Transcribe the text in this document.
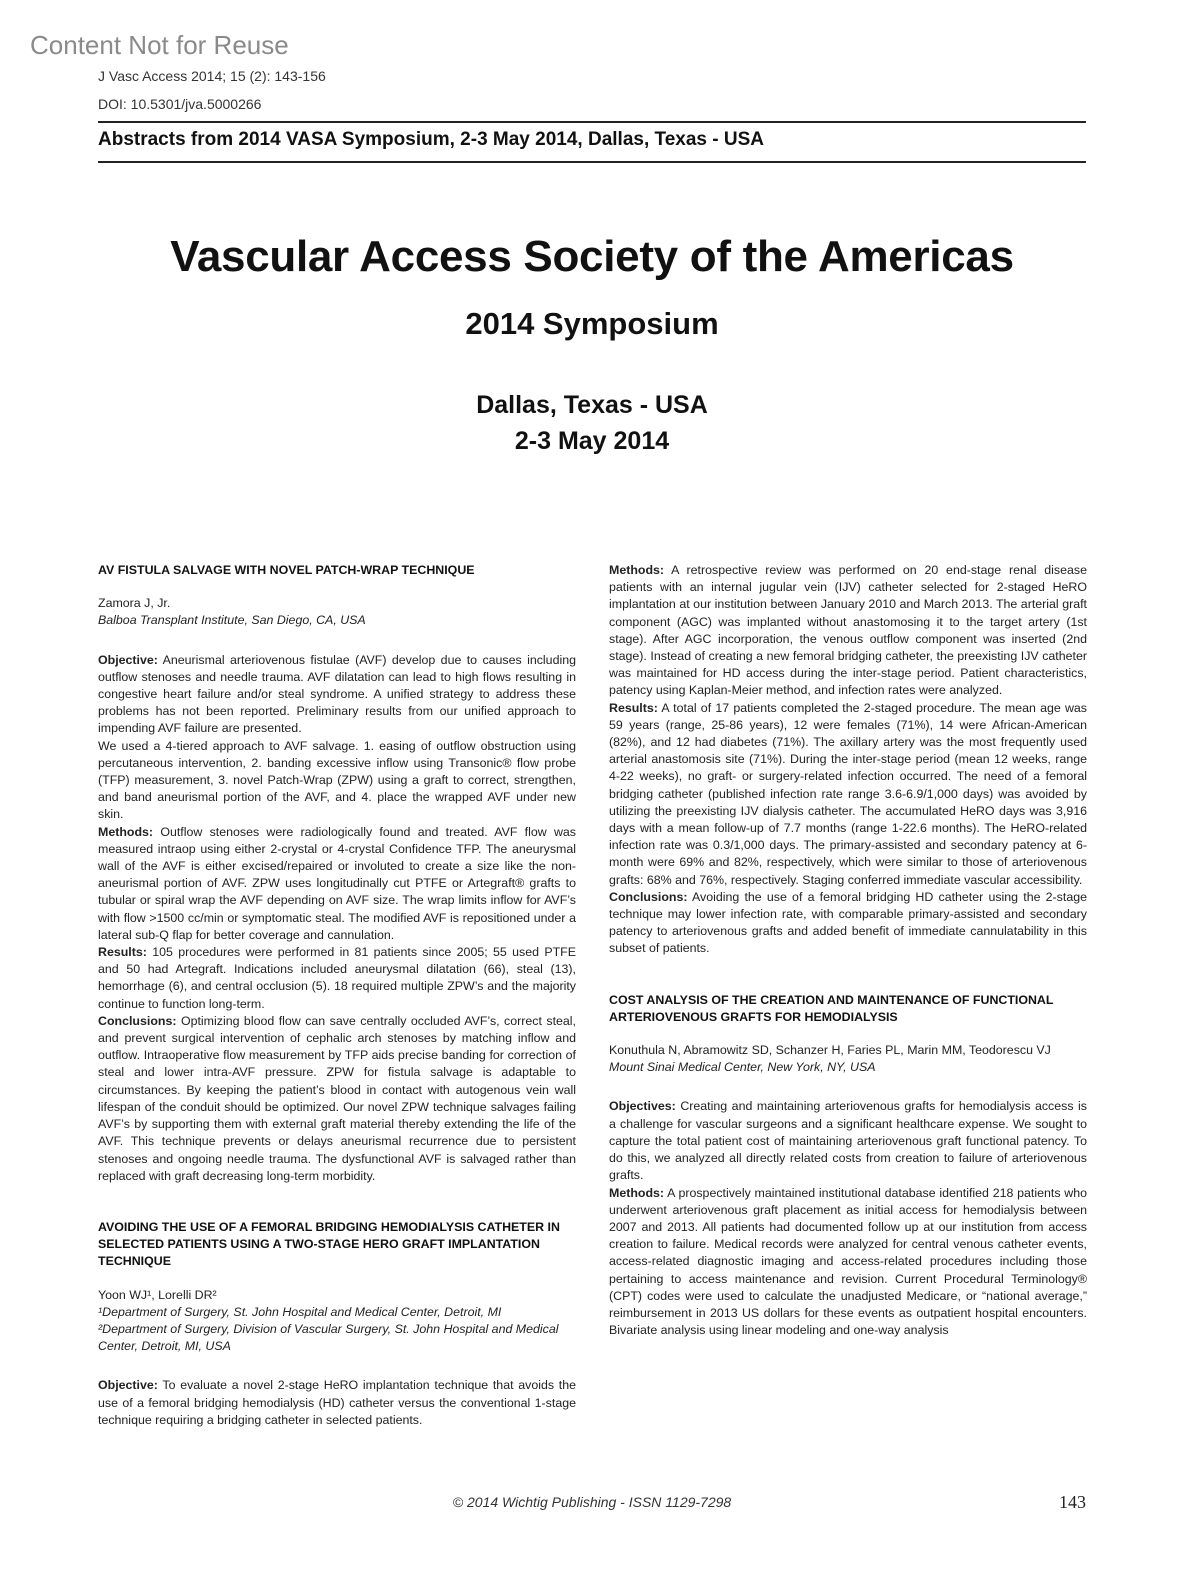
Content Not for Reuse
J Vasc Access 2014; 15 (2): 143-156
DOI: 10.5301/jva.5000266
Abstracts from 2014 VASA Symposium, 2-3 May 2014, Dallas, Texas - USA
Vascular Access Society of the Americas
2014 Symposium
Dallas, Texas - USA
2-3 May 2014
AV FISTULA SALVAGE WITH NOVEL PATCH-WRAP TECHNIQUE
Zamora J, Jr.
Balboa Transplant Institute, San Diego, CA, USA

Objective: Aneurismal arteriovenous fistulae (AVF) develop due to causes including outflow stenoses and needle trauma. AVF dilatation can lead to high flows resulting in congestive heart failure and/or steal syndrome. A unified strategy to address these problems has not been reported. Preliminary results from our unified approach to impending AVF failure are presented.

We used a 4-tiered approach to AVF salvage. 1. easing of outflow obstruction using percutaneous intervention, 2. banding excessive inflow using Transonic® flow probe (TFP) measurement, 3. novel Patch-Wrap (ZPW) using a graft to correct, strengthen, and band aneurismal portion of the AVF, and 4. place the wrapped AVF under new skin.

Methods: Outflow stenoses were radiologically found and treated. AVF flow was measured intraop using either 2-crystal or 4-crystal Confidence TFP. The aneurysmal wall of the AVF is either excised/repaired or involuted to create a size like the non-aneurismal portion of AVF. ZPW uses longitudinally cut PTFE or Artegraft® grafts to tubular or spiral wrap the AVF depending on AVF size. The wrap limits inflow for AVF’s with flow >1500 cc/min or symptomatic steal. The modified AVF is repositioned under a lateral sub-Q flap for better coverage and cannulation.

Results: 105 procedures were performed in 81 patients since 2005; 55 used PTFE and 50 had Artegraft. Indications included aneurysmal dilatation (66), steal (13), hemorrhage (6), and central occlusion (5). 18 required multiple ZPW’s and the majority continue to function long-term.

Conclusions: Optimizing blood flow can save centrally occluded AVF’s, correct steal, and prevent surgical intervention of cephalic arch stenoses by matching inflow and outflow. Intraoperative flow measurement by TFP aids precise banding for correction of steal and lower intra-AVF pressure. ZPW for fistula salvage is adaptable to circumstances. By keeping the patient’s blood in contact with autogenous vein wall lifespan of the conduit should be optimized. Our novel ZPW technique salvages failing AVF’s by supporting them with external graft material thereby extending the life of the AVF. This technique prevents or delays aneurismal recurrence due to persistent stenoses and ongoing needle trauma. The dysfunctional AVF is salvaged rather than replaced with graft decreasing long-term morbidity.

AVOIDING THE USE OF A FEMORAL BRIDGING HEMODIALYSIS CATHETER IN SELECTED PATIENTS USING A TWO-STAGE HERO GRAFT IMPLANTATION TECHNIQUE
Yoon WJ¹, Lorelli DR²
¹Department of Surgery, St. John Hospital and Medical Center, Detroit, MI
²Department of Surgery, Division of Vascular Surgery, St. John Hospital and Medical Center, Detroit, MI, USA

Objective: To evaluate a novel 2-stage HeRO implantation technique that avoids the use of a femoral bridging hemodialysis (HD) catheter versus the conventional 1-stage technique requiring a bridging catheter in selected patients.

Methods: A retrospective review was performed on 20 end-stage renal disease patients with an internal jugular vein (IJV) catheter selected for 2-staged HeRO implantation at our institution between January 2010 and March 2013. The arterial graft component (AGC) was implanted without anastomosing it to the target artery (1st stage). After AGC incorporation, the venous outflow component was inserted (2nd stage). Instead of creating a new femoral bridging catheter, the preexisting IJV catheter was maintained for HD access during the inter-stage period. Patient characteristics, patency using Kaplan-Meier method, and infection rates were analyzed.

Results: A total of 17 patients completed the 2-staged procedure. The mean age was 59 years (range, 25-86 years), 12 were females (71%), 14 were African-American (82%), and 12 had diabetes (71%). The axillary artery was the most frequently used arterial anastomosis site (71%). During the inter-stage period (mean 12 weeks, range 4-22 weeks), no graft- or surgery-related infection occurred. The need of a femoral bridging catheter (published infection rate range 3.6-6.9/1,000 days) was avoided by utilizing the preexisting IJV dialysis catheter. The accumulated HeRO days was 3,916 days with a mean follow-up of 7.7 months (range 1-22.6 months). The HeRO-related infection rate was 0.3/1,000 days. The primary-assisted and secondary patency at 6-month were 69% and 82%, respectively, which were similar to those of arteriovenous grafts: 68% and 76%, respectively. Staging conferred immediate vascular accessibility.

Conclusions: Avoiding the use of a femoral bridging HD catheter using the 2-stage technique may lower infection rate, with comparable primary-assisted and secondary patency to arteriovenous grafts and added benefit of immediate cannulatability in this subset of patients.

COST ANALYSIS OF THE CREATION AND MAINTENANCE OF FUNCTIONAL ARTERIOVENOUS GRAFTS FOR HEMODIALYSIS
Konuthula N, Abramowitz SD, Schanzer H, Faries PL, Marin MM, Teodorescu VJ
Mount Sinai Medical Center, New York, NY, USA

Objectives: Creating and maintaining arteriovenous grafts for hemodialysis access is a challenge for vascular surgeons and a significant healthcare expense. We sought to capture the total patient cost of maintaining arteriovenous graft functional patency. To do this, we analyzed all directly related costs from creation to failure of arteriovenous grafts.

Methods: A prospectively maintained institutional database identified 218 patients who underwent arteriovenous graft placement as initial access for hemodialysis between 2007 and 2013. All patients had documented follow up at our institution from access creation to failure. Medical records were analyzed for central venous catheter events, access-related diagnostic imaging and access-related procedures including those pertaining to access maintenance and revision. Current Procedural Terminology® (CPT) codes were used to calculate the unadjusted Medicare, or “national average,” reimbursement in 2013 US dollars for these events as outpatient hospital encounters. Bivariate analysis using linear modeling and one-way analysis

© 2014 Wichtig Publishing - ISSN 1129-7298	143
